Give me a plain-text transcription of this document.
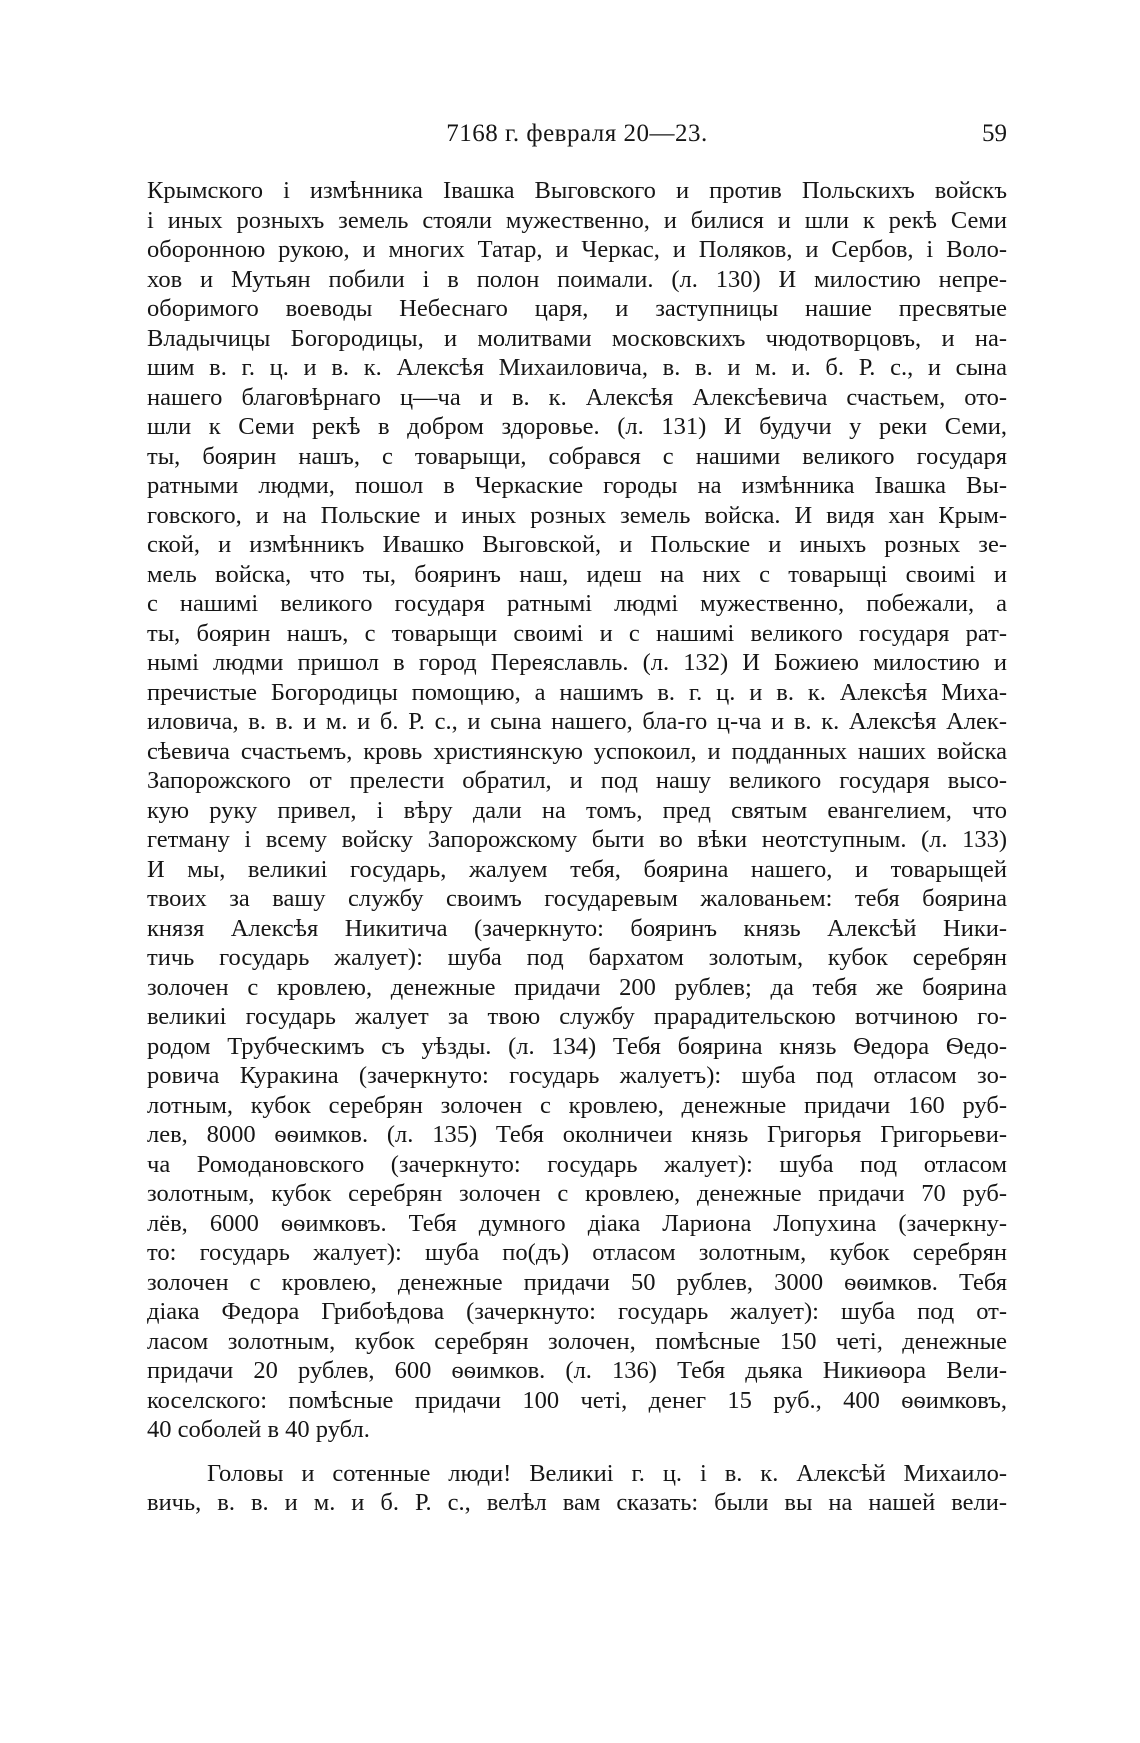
7168 г. февраля 20—23.	59
Крымского і измѣнника Івашка Выговского и против Польскихъ войскъ
і иных розныхъ земель стояли мужественно, и билися и шли к рекѣ Семи
оборонною рукою, и многих Татар, и Черкас, и Поляков, и Сербов, і Воло-
хов и Мутьян побили і в полон поимали. (л. 130) И милостию непре-
оборимого воеводы Небеснаго царя, и заступницы нашие пресвятые
Владычицы Богородицы, и молитвами московскихъ чюдотворцовъ, и на-
шим в. г. ц. и в. к. Алексѣя Михаиловича, в. в. и м. и. б. Р. с., и сына
нашего благовѣрнаго ц—ча и в. к. Алексѣя Алексѣевича счастьем, ото-
шли к Семи рекѣ в добром здоровье. (л. 131) И будучи у реки Семи,
ты, боярин нашъ, с товарыщи, собрався с нашими великого государя
ратными людми, пошол в Черкаские городы на измѣнника Івашка Вы-
говского, и на Польские и иных розных земель войска. И видя хан Крым-
ской, и измѣнникъ Ивашко Выговской, и Польские и иныхъ розных зе-
мель войска, что ты, бояринъ наш, идеш на них с товарыщі своимі и
с нашимі великого государя ратнымі людмі мужественно, побежали, а
ты, боярин нашъ, с товарыщи своимі и с нашимі великого государя рат-
нымі людми пришол в город Переяславль. (л. 132) И Божиею милостию и
пречистые Богородицы помощию, а нашимъ в. г. ц. и в. к. Алексѣя Миха-
иловича, в. в. и м. и б. Р. с., и сына нашего, бла-го ц-ча и в. к. Алексѣя Алек-
сѣевича счастьемъ, кровь християнскую успокоил, и подданных наших войска
Запорожского от прелести обратил, и под нашу великого государя высо-
кую руку привел, і вѣру дали на томъ, пред святым евангелием, что
гетману і всему войску Запорожскому быти во вѣки неотступным. (л. 133)
И мы, великиі государь, жалуем тебя, боярина нашего, и товарыщей
твоих за вашу службу своимъ государевым жалованьем: тебя боярина
князя Алексѣя Никитича (зачеркнуто: бояринъ князь Алексѣй Ники-
тичь государь жалует): шуба под бархатом золотым, кубок серебрян
золочен с кровлею, денежные придачи 200 рублев; да тебя же боярина
великиі государь жалует за твою службу прарадительскою вотчиною го-
родом Трубческимъ съ уѣзды. (л. 134) Тебя боярина князь Ѳедора Ѳедо-
ровича Куракина (зачеркнуто: государь жалуетъ): шуба под отласом зо-
лотным, кубок серебрян золочен с кровлею, денежные придачи 160 руб-
лев, 8000 ѳѳимков. (л. 135) Тебя околничеи князь Григорья Григорьеви-
ча Ромодановского (зачеркнуто: государь жалует): шуба под отласом
золотным, кубок серебрян золочен с кровлею, денежные придачи 70 руб-
лёв, 6000 ѳѳимковъ. Тебя думного діака Лариона Лопухина (зачеркну-
то: государь жалует): шуба по(дъ) отласом золотным, кубок серебрян
золочен с кровлею, денежные придачи 50 рублев, 3000 ѳѳимков. Тебя
діака Федора Грибоѣдова (зачеркнуто: государь жалует): шуба под от-
ласом золотным, кубок серебрян золочен, помѣсные 150 четі, денежные
придачи 20 рублев, 600 ѳѳимков. (л. 136) Тебя дьяка Никиѳора Вели-
коселского: помѣсные придачи 100 четі, денег 15 руб., 400 ѳѳимковъ,
40 соболей в 40 рубл.
Головы и сотенные люди! Великиі г. ц. і в. к. Алексѣй Михаило-
вичь, в. в. и м. и б. Р. с., велѣл вам сказать: были вы на нашей вели-
